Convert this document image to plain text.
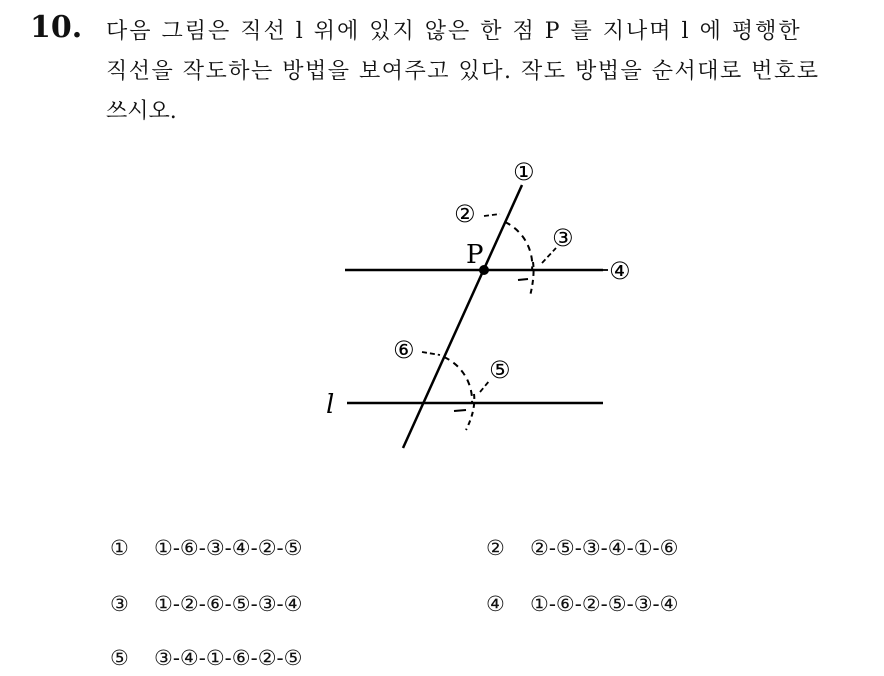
10. 다음 그림은 직선 l 위에 있지 않은 한 점 P 를 지나며 l 에 평행한
직선을 작도하는 방법을 보여주고 있다. 작도 방법을 순서대로 번호로
쓰시오.
P
l
①
②
③
④
⑤
⑥
① ①-⑥-③-④-②-⑤	② ②-⑤-③-④-①-⑥
③ ①-②-⑥-⑤-③-④	④ ①-⑥-②-⑤-③-④
⑤ ③-④-①-⑥-②-⑤
